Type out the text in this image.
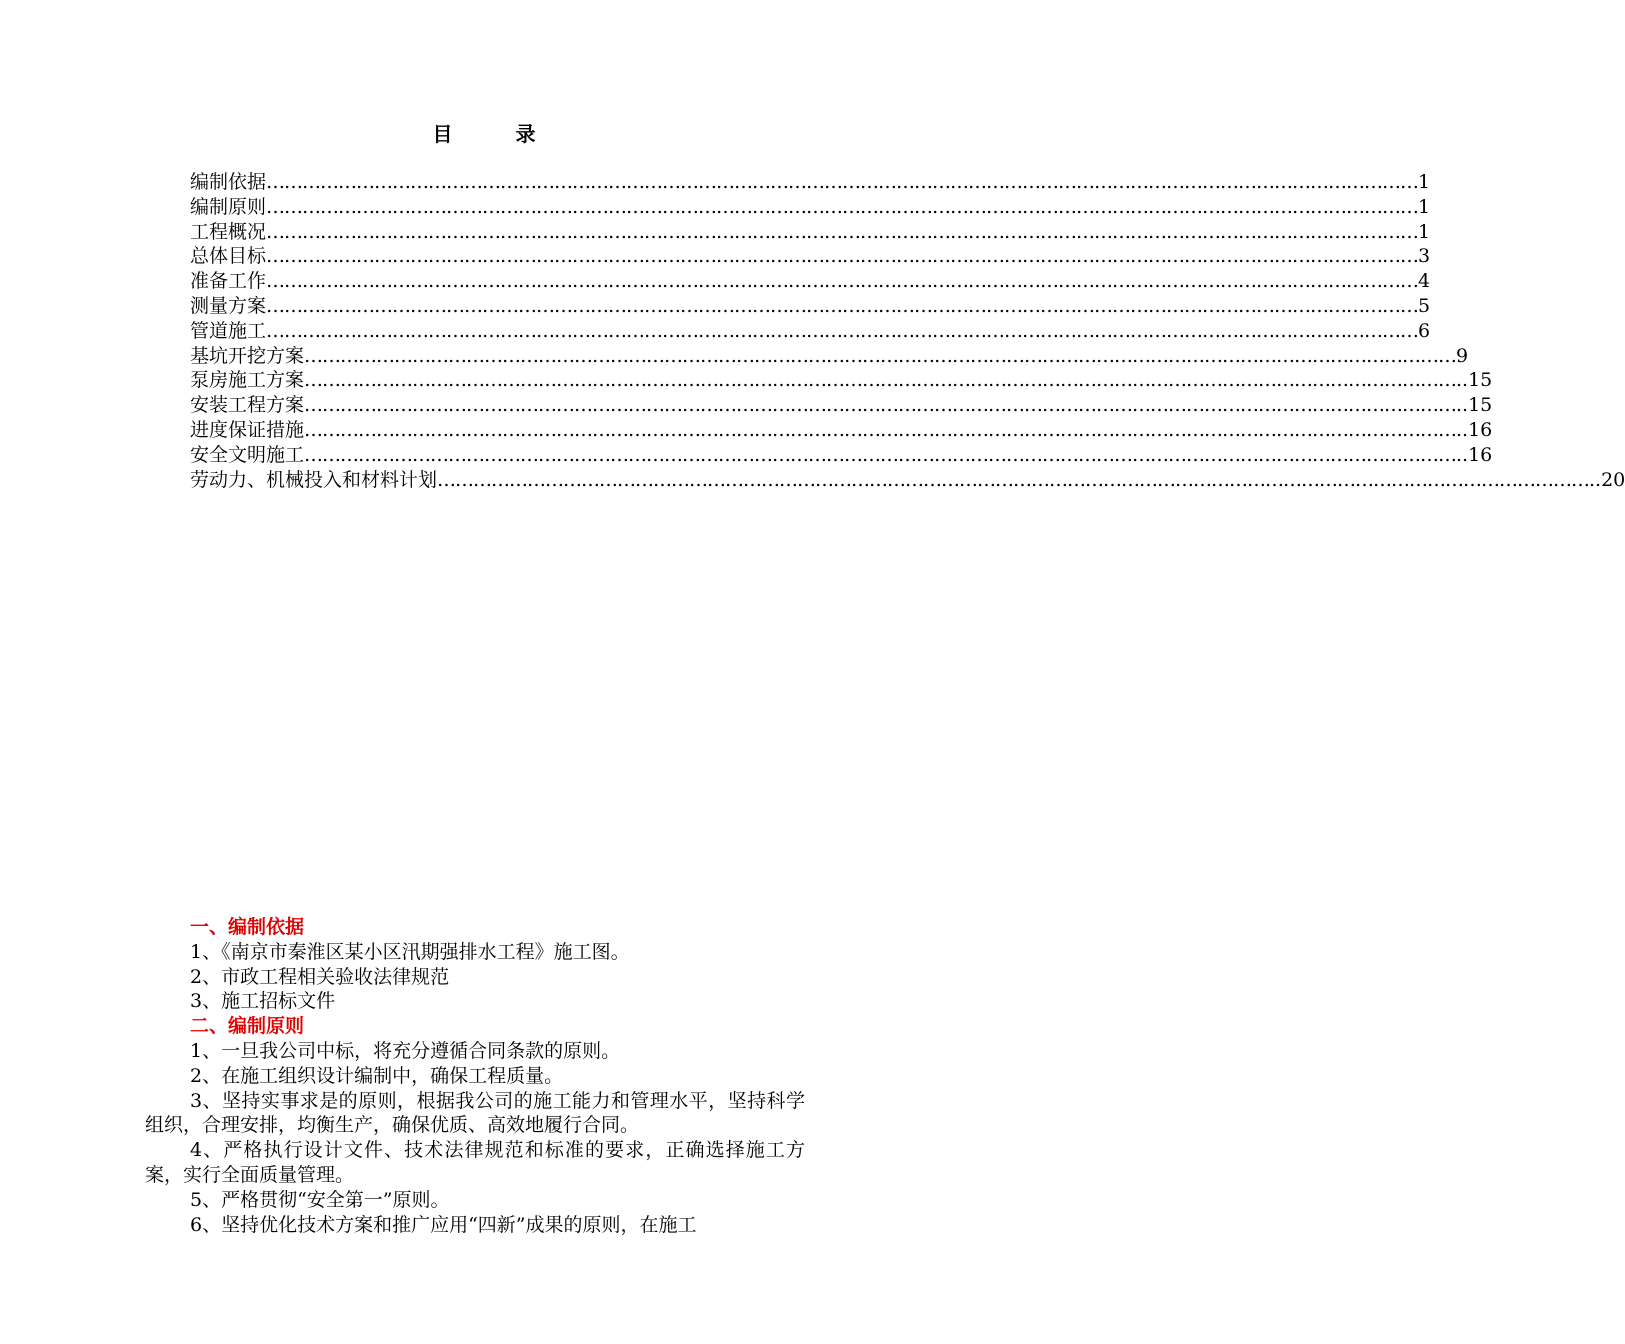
目 录
编制依据 ………………………………………………………………………………………………………………………………………………………………………… 1
编制原则 ………………………………………………………………………………………………………………………………………………………………………… 1
工程概况 ………………………………………………………………………………………………………………………………………………………………………… 1
总体目标 ………………………………………………………………………………………………………………………………………………………………………… 3
准备工作 ………………………………………………………………………………………………………………………………………………………………………… 4
测量方案 ………………………………………………………………………………………………………………………………………………………………………… 5
管道施工 ………………………………………………………………………………………………………………………………………………………………………… 6
基坑开挖方案 ………………………………………………………………………………………………………………………………………………………………………… 9
泵房施工方案 ………………………………………………………………………………………………………………………………………………………………………… ..15
安装工程方案 ………………………………………………………………………………………………………………………………………………………………………… ..15
进度保证措施 ………………………………………………………………………………………………………………………………………………………………………… ..16
安全文明施工 ………………………………………………………………………………………………………………………………………………………………………… ..16
劳动力、机械投入和材料计划 ………………………………………………………………………………………………………………………………………………………………………… ..20
一、编制依据
1、《南京市秦淮区某小区汛期强排水工程》施工图。
2、市政工程相关验收法律规范
3、施工招标文件
二、编制原则
1、一旦我公司中标，将充分遵循合同条款的原则。
2、在施工组织设计编制中，确保工程质量。
3、坚持实事求是的原则，根据我公司的施工能力和管理水平，坚持科学组织，合理安排，均衡生产，确保优质、高效地履行合同。
4、严格执行设计文件、技术法律规范和标准的要求，正确选择施工方案，实行全面质量管理。
5、严格贯彻“安全第一”原则。
6、坚持优化技术方案和推广应用“四新”成果的原则，在施工
